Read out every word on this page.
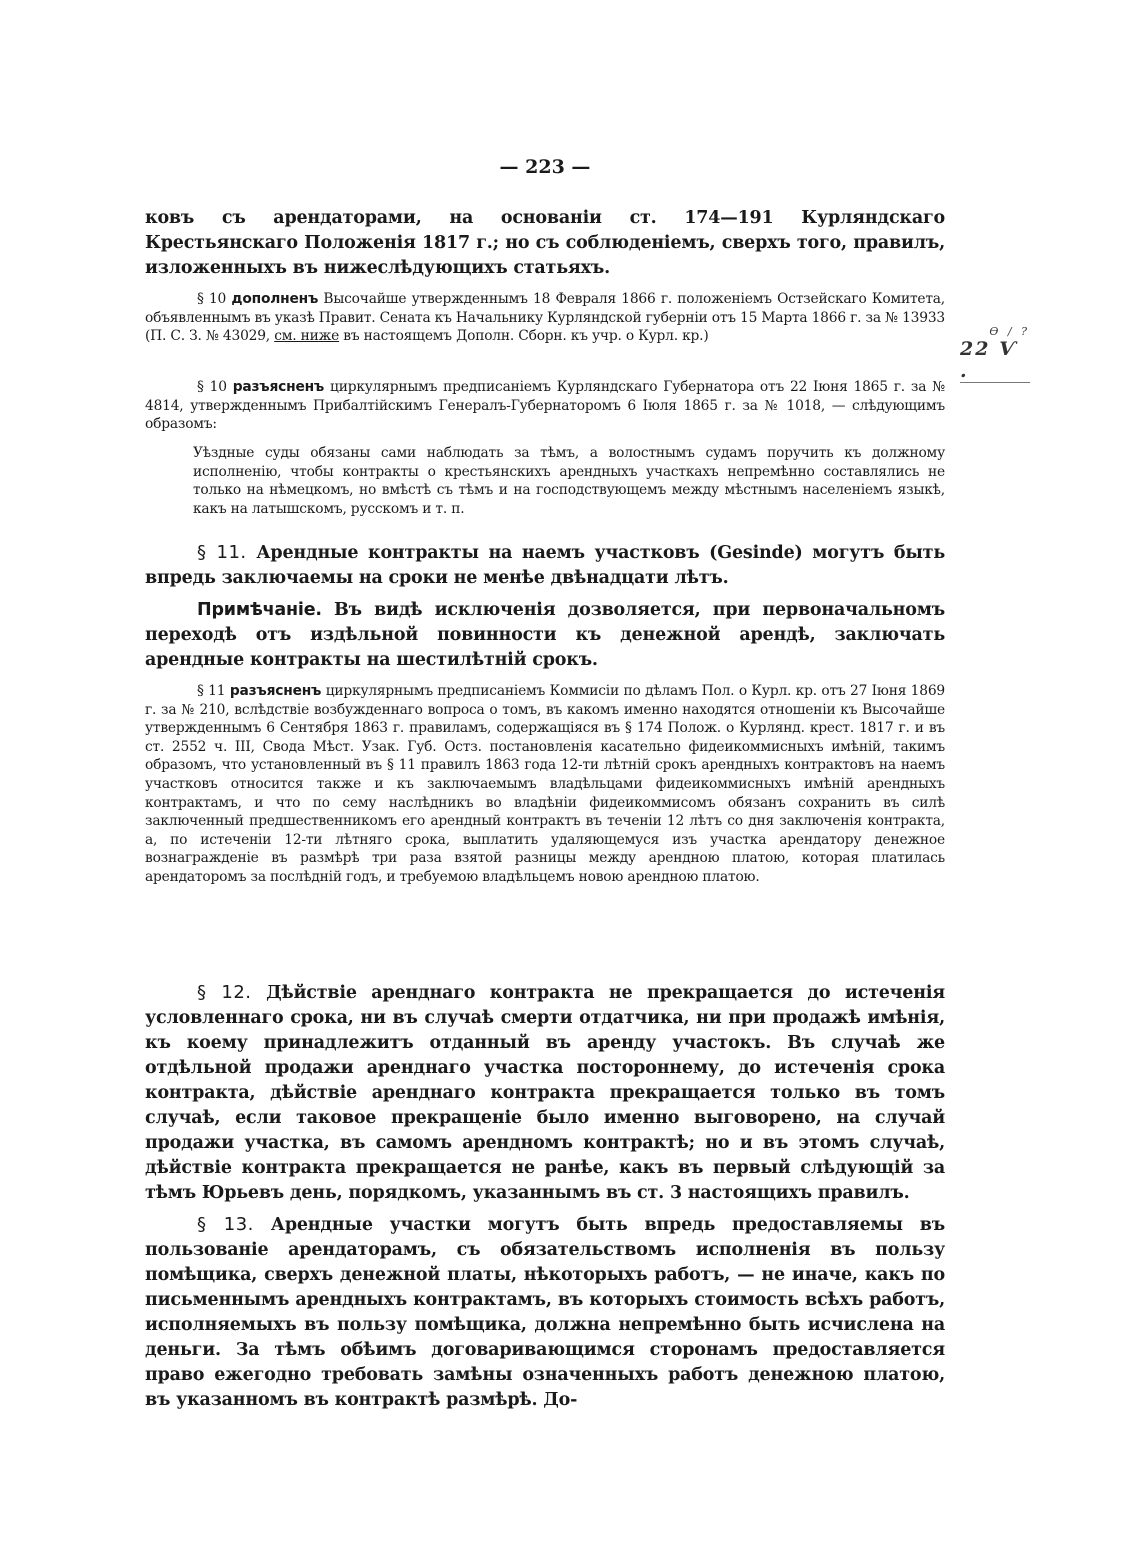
— 223 —

ковъ съ арендаторами, на основаніи ст. 174—191 Курляндскаго Крестьянскаго Положенія 1817 г.; но съ соблюденіемъ, сверхъ того, правилъ, изложенныхъ въ нижеслѣдующихъ статьяхъ.

§ 10 дополненъ Высочайше утвержденнымъ 18 Февраля 1866 г. положеніемъ Остзейскаго Комитета, объявленнымъ въ указѣ Правит. Сената къ Начальнику Курляндской губерніи отъ 15 Марта 1866 г. за № 13933 (П. С. З. № 43029, см. ниже въ настоящемъ Дополн. Сборн. къ учр. о Курл. кр.)

§ 10 разъясненъ циркулярнымъ предписаніемъ Курляндскаго Губернатора отъ 22 Іюня 1865 г. за № 4814, утвержденнымъ Прибалтійскимъ Генералъ-Губернаторомъ 6 Іюля 1865 г. за № 1018, — слѣдующимъ образомъ:

Уѣздные суды обязаны сами наблюдать за тѣмъ, а волостнымъ судамъ поручить къ должному исполненію, чтобы контракты о крестьянскихъ арендныхъ участкахъ непремѣнно составлялись не только на нѣмецкомъ, но вмѣстѣ съ тѣмъ и на господствующемъ между мѣстнымъ населеніемъ языкѣ, какъ на латышскомъ, русскомъ и т. п.

§ 11. Арендные контракты на наемъ участковъ (Gesinde) могутъ быть впредь заключаемы на сроки не менѣе двѣнадцати лѣтъ.

Примѣчаніе. Въ видѣ исключенія дозволяется, при первоначальномъ переходѣ отъ издѣльной повинности къ денежной арендѣ, заключать арендные контракты на шестилѣтній срокъ.

§ 11 разъясненъ циркулярнымъ предписаніемъ Коммисіи по дѣламъ Пол. о Курл. кр. отъ 27 Іюня 1869 г. за № 210, вслѣдствіе возбужденнаго вопроса о томъ, въ какомъ именно находятся отношеніи къ Высочайше утвержденнымъ 6 Сентября 1863 г. правиламъ, содержащіяся въ § 174 Полож. о Курлянд. крест. 1817 г. и въ ст. 2552 ч. III, Свода Мѣст. Узак. Губ. Остз. постановленія касательно фидеикоммисныхъ имѣній, такимъ образомъ, что установленный въ § 11 правилъ 1863 года 12-ти лѣтній срокъ арендныхъ контрактовъ на наемъ участковъ относится также и къ заключаемымъ владѣльцами фидеикоммисныхъ имѣній арендныхъ контрактамъ, и что по сему наслѣдникъ во владѣніи фидеикоммисомъ обязанъ сохранить въ силѣ заключенный предшественникомъ его арендный контрактъ въ теченіи 12 лѣтъ со дня заключенія контракта, а, по истеченіи 12-ти лѣтняго срока, выплатить удаляющемуся изъ участка арендатору денежное вознагражденіе въ размѣрѣ три раза взятой разницы между арендною платою, которая платилась арендаторомъ за послѣдній годъ, и требуемою владѣльцемъ новою арендною платою.

§ 12. Дѣйствіе аренднаго контракта не прекращается до истеченія условленнаго срока, ни въ случаѣ смерти отдатчика, ни при продажѣ имѣнія, къ коему принадлежитъ отданный въ аренду участокъ. Въ случаѣ же отдѣльной продажи аренднаго участка постороннему, до истеченія срока контракта, дѣйствіе аренднаго контракта прекращается только въ томъ случаѣ, если таковое прекращеніе было именно выговорено, на случай продажи участка, въ самомъ арендномъ контрактѣ; но и въ этомъ случаѣ, дѣйствіе контракта прекращается не ранѣе, какъ въ первый слѣдующій за тѣмъ Юрьевъ день, порядкомъ, указаннымъ въ ст. 3 настоящихъ правилъ.

§ 13. Арендные участки могутъ быть впредь предоставляемы въ пользованіе арендаторамъ, съ обязательствомъ исполненія въ пользу помѣщика, сверхъ денежной платы, нѣкоторыхъ работъ, — не иначе, какъ по письменнымъ арендныхъ контрактамъ, въ которыхъ стоимость всѣхъ работъ, исполняемыхъ въ пользу помѣщика, должна непремѣнно быть исчислена на деньги. За тѣмъ обѣимъ договаривающимся сторонамъ предоставляется право ежегодно требовать замѣны означенныхъ работъ денежною платою, въ указанномъ въ контрактѣ размѣрѣ. До-

Ѳ / ?
22 Ѵ .
